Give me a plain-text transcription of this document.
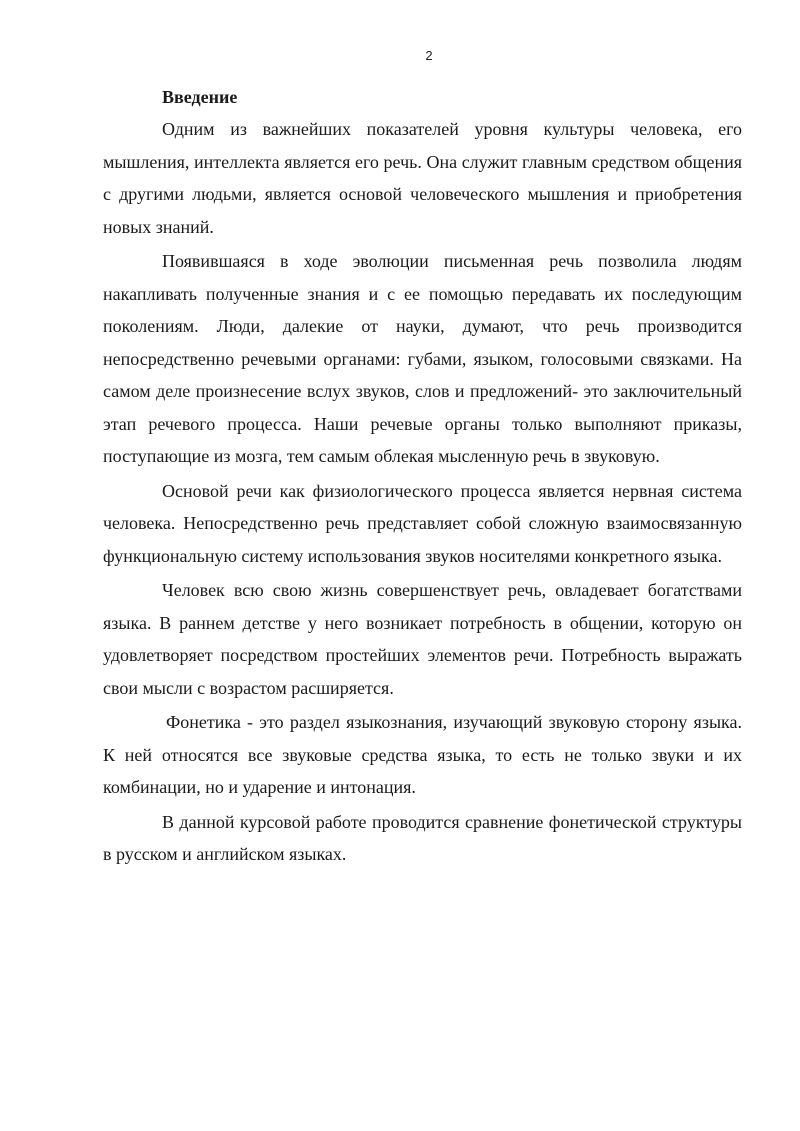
2
Введение

Одним из важнейших показателей уровня культуры человека, его мышления, интеллекта является его речь. Она служит главным средством общения с другими людьми, является основой человеческого мышления и приобретения новых знаний.

Появившаяся в ходе эволюции письменная речь позволила людям накапливать полученные знания и с ее помощью передавать их последующим поколениям. Люди, далекие от науки, думают, что речь производится непосредственно речевыми органами: губами, языком, голосовыми связками. На самом деле произнесение вслух звуков, слов и предложений- это заключительный этап речевого процесса. Наши речевые органы только выполняют приказы, поступающие из мозга, тем самым облекая мысленную речь в звуковую.

Основой речи как физиологического процесса является нервная система человека. Непосредственно речь представляет собой сложную взаимосвязанную функциональную систему использования звуков носителями конкретного языка.

Человек всю свою жизнь совершенствует речь, овладевает богатствами языка. В раннем детстве у него возникает потребность в общении, которую он удовлетворяет посредством простейших элементов речи. Потребность выражать свои мысли с возрастом расширяется.

Фонетика - это раздел языкознания, изучающий звуковую сторону языка. К ней относятся все звуковые средства языка, то есть не только звуки и их комбинации, но и ударение и интонация.

В данной курсовой работе проводится сравнение фонетической структуры в русском и английском языках.
